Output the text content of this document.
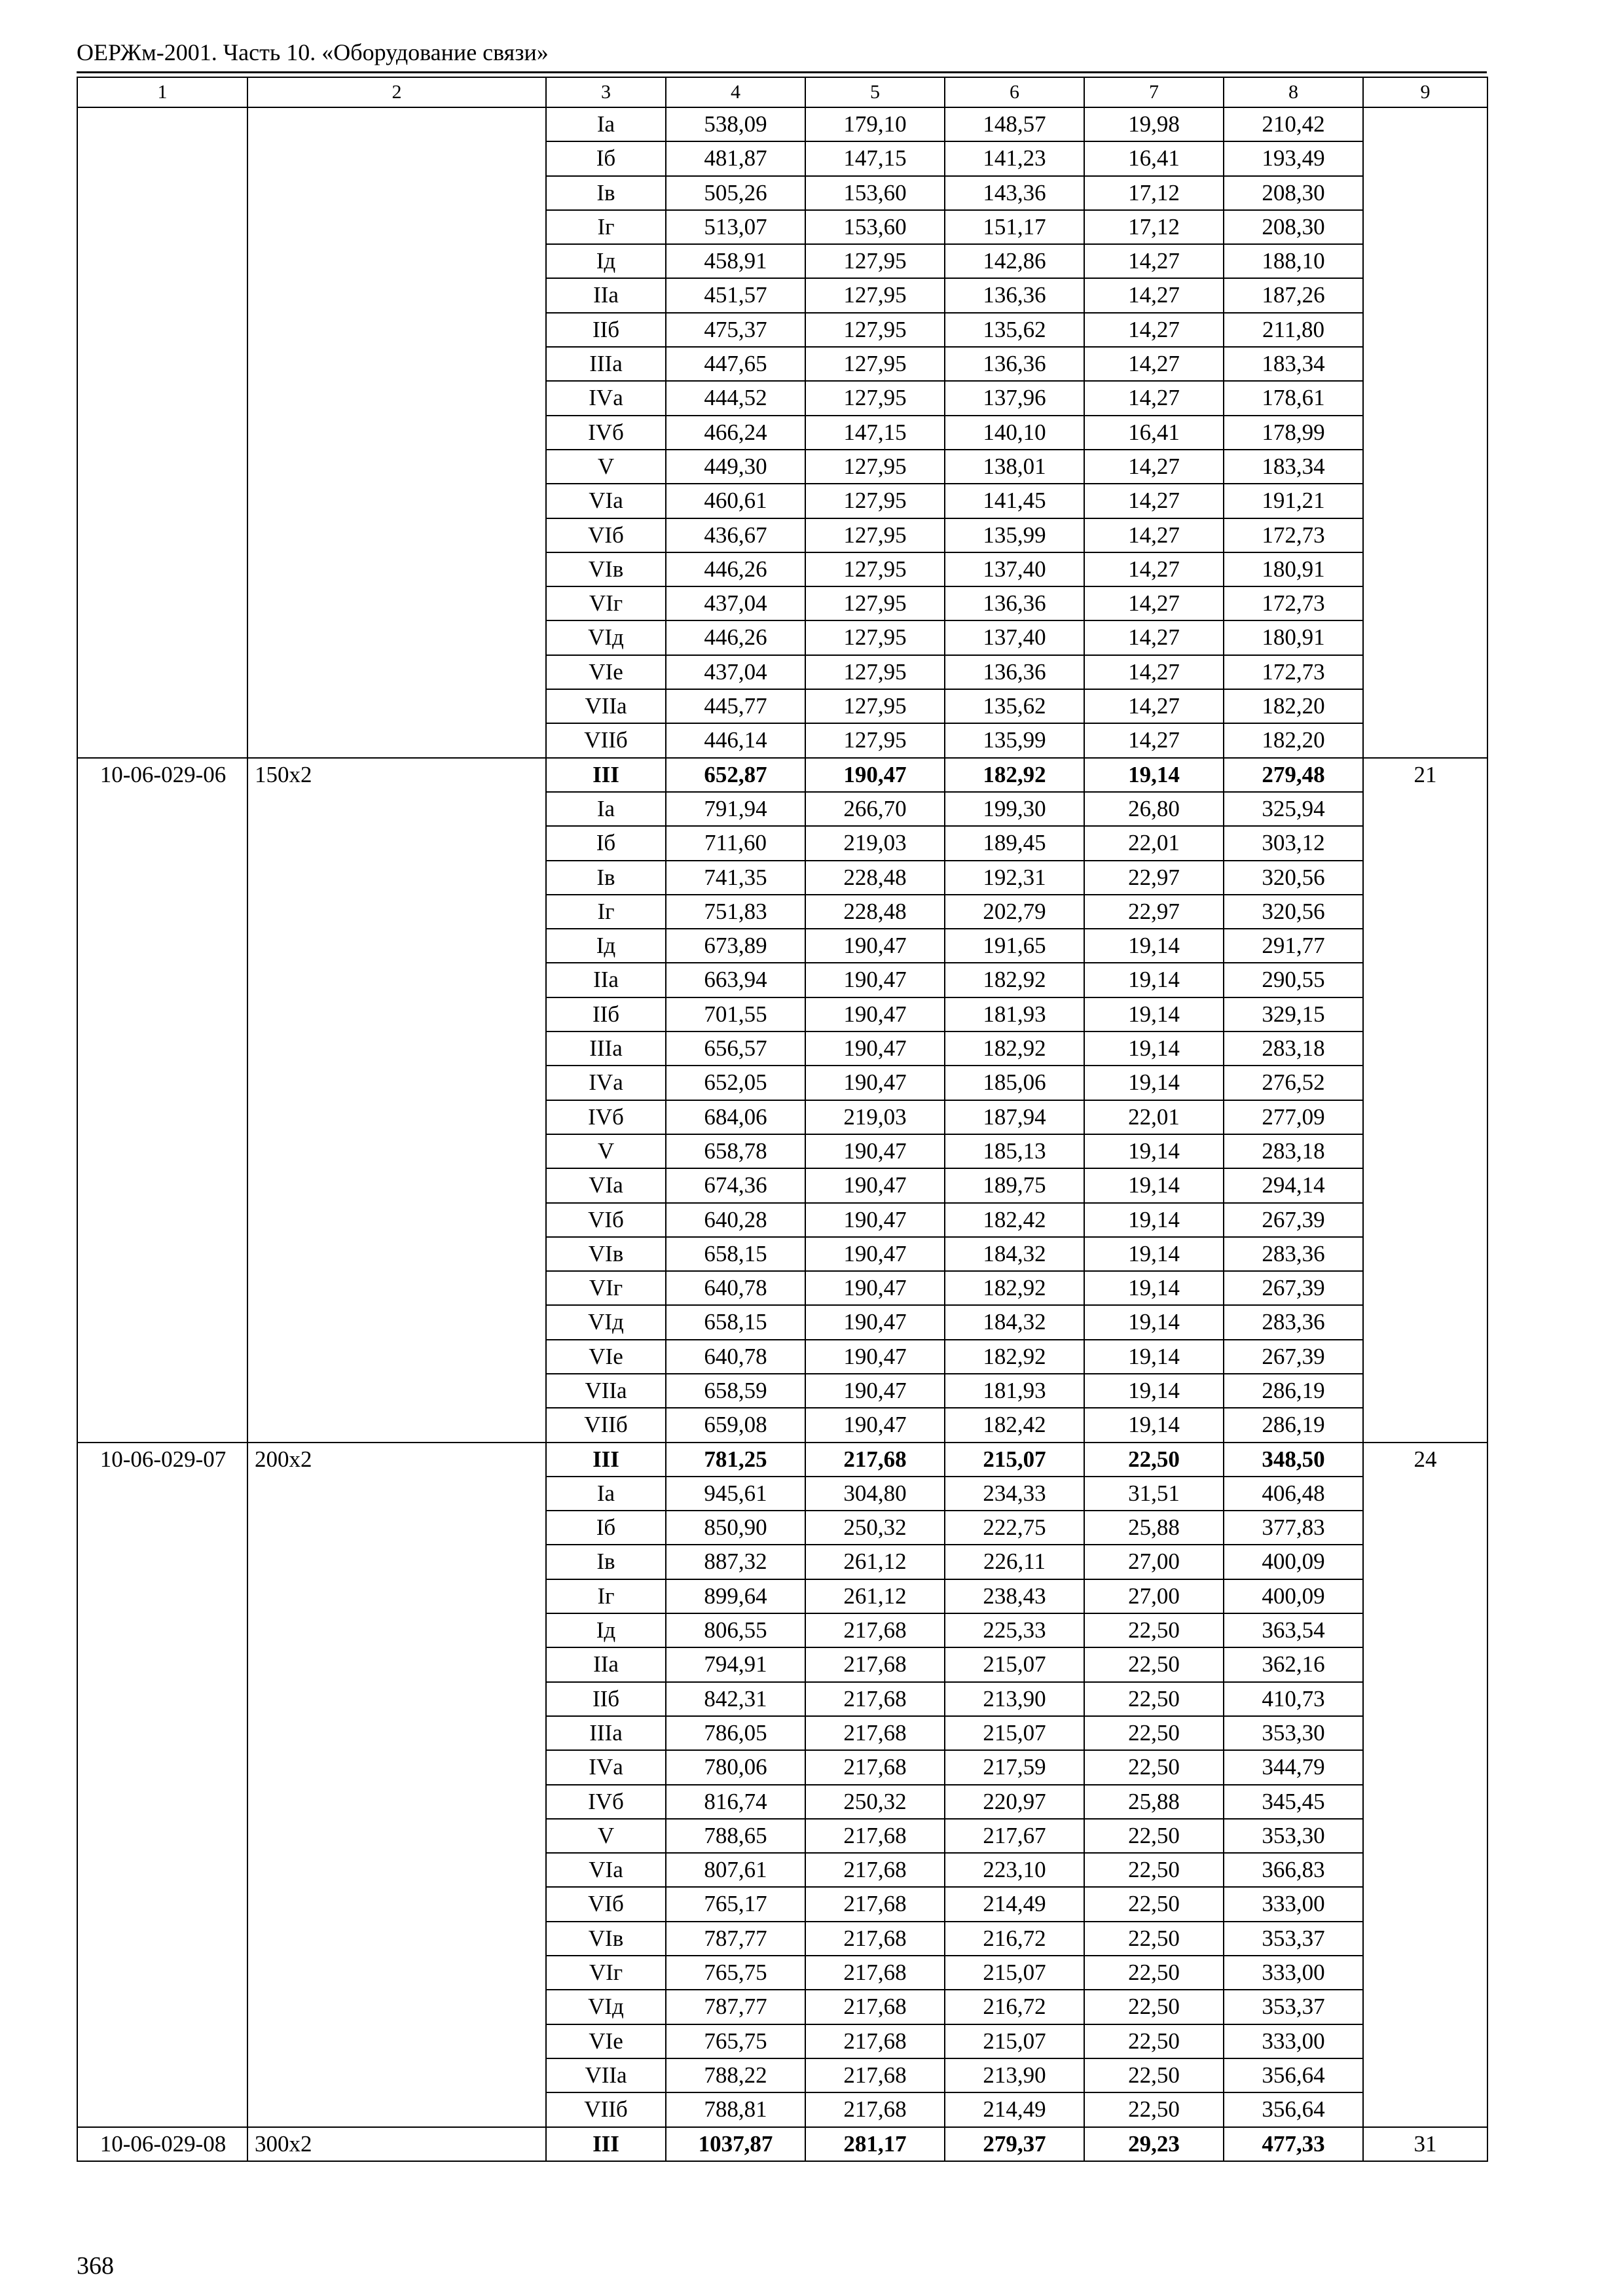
ОЕРЖм-2001. Часть 10. «Оборудование связи»
1	2	3	4	5	6	7	8	9
		Iа	538,09	179,10	148,57	19,98	210,42	
		Iб	481,87	147,15	141,23	16,41	193,49	
		Iв	505,26	153,60	143,36	17,12	208,30	
		Iг	513,07	153,60	151,17	17,12	208,30	
		Iд	458,91	127,95	142,86	14,27	188,10	
		IIа	451,57	127,95	136,36	14,27	187,26	
		IIб	475,37	127,95	135,62	14,27	211,80	
		IIIа	447,65	127,95	136,36	14,27	183,34	
		IVа	444,52	127,95	137,96	14,27	178,61	
		IVб	466,24	147,15	140,10	16,41	178,99	
		V	449,30	127,95	138,01	14,27	183,34	
		VIа	460,61	127,95	141,45	14,27	191,21	
		VIб	436,67	127,95	135,99	14,27	172,73	
		VIв	446,26	127,95	137,40	14,27	180,91	
		VIг	437,04	127,95	136,36	14,27	172,73	
		VIд	446,26	127,95	137,40	14,27	180,91	
		VIе	437,04	127,95	136,36	14,27	172,73	
		VIIа	445,77	127,95	135,62	14,27	182,20	
		VIIб	446,14	127,95	135,99	14,27	182,20	
10-06-029-06	150x2	III	652,87	190,47	182,92	19,14	279,48	21
		Iа	791,94	266,70	199,30	26,80	325,94	
		Iб	711,60	219,03	189,45	22,01	303,12	
		Iв	741,35	228,48	192,31	22,97	320,56	
		Iг	751,83	228,48	202,79	22,97	320,56	
		Iд	673,89	190,47	191,65	19,14	291,77	
		IIа	663,94	190,47	182,92	19,14	290,55	
		IIб	701,55	190,47	181,93	19,14	329,15	
		IIIа	656,57	190,47	182,92	19,14	283,18	
		IVа	652,05	190,47	185,06	19,14	276,52	
		IVб	684,06	219,03	187,94	22,01	277,09	
		V	658,78	190,47	185,13	19,14	283,18	
		VIа	674,36	190,47	189,75	19,14	294,14	
		VIб	640,28	190,47	182,42	19,14	267,39	
		VIв	658,15	190,47	184,32	19,14	283,36	
		VIг	640,78	190,47	182,92	19,14	267,39	
		VIд	658,15	190,47	184,32	19,14	283,36	
		VIе	640,78	190,47	182,92	19,14	267,39	
		VIIа	658,59	190,47	181,93	19,14	286,19	
		VIIб	659,08	190,47	182,42	19,14	286,19	
10-06-029-07	200x2	III	781,25	217,68	215,07	22,50	348,50	24
		Iа	945,61	304,80	234,33	31,51	406,48	
		Iб	850,90	250,32	222,75	25,88	377,83	
		Iв	887,32	261,12	226,11	27,00	400,09	
		Iг	899,64	261,12	238,43	27,00	400,09	
		Iд	806,55	217,68	225,33	22,50	363,54	
		IIа	794,91	217,68	215,07	22,50	362,16	
		IIб	842,31	217,68	213,90	22,50	410,73	
		IIIа	786,05	217,68	215,07	22,50	353,30	
		IVа	780,06	217,68	217,59	22,50	344,79	
		IVб	816,74	250,32	220,97	25,88	345,45	
		V	788,65	217,68	217,67	22,50	353,30	
		VIа	807,61	217,68	223,10	22,50	366,83	
		VIб	765,17	217,68	214,49	22,50	333,00	
		VIв	787,77	217,68	216,72	22,50	353,37	
		VIг	765,75	217,68	215,07	22,50	333,00	
		VIд	787,77	217,68	216,72	22,50	353,37	
		VIе	765,75	217,68	215,07	22,50	333,00	
		VIIа	788,22	217,68	213,90	22,50	356,64	
		VIIб	788,81	217,68	214,49	22,50	356,64	
10-06-029-08	300x2	III	1037,87	281,17	279,37	29,23	477,33	31
368
